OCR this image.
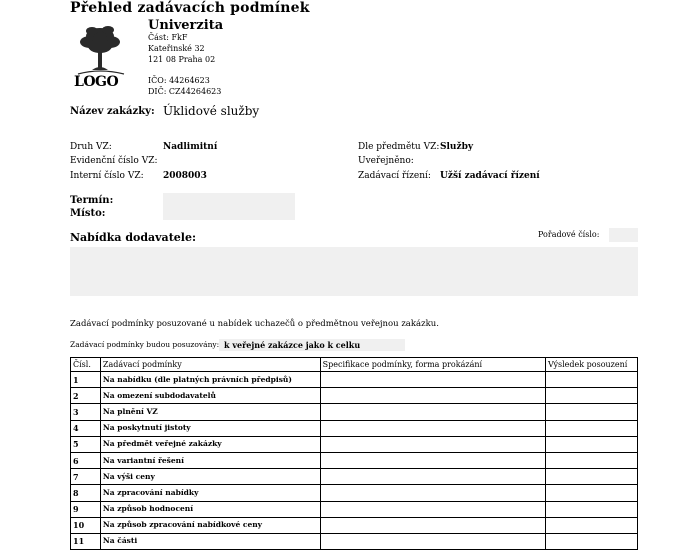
Přehled zadávacích podmínek
LOGO
Univerzita
Část: FkF
Kateřinské 32
121 08 Praha 02
IČO: 44264623
DIČ: CZ44264623
Název zakázky: Úklidové služby
Druh VZ:	Nadlimitní
Evidenční číslo VZ:
Interní číslo VZ: 2008003
Dle předmětu VZ: Služby
Uveřejněno:
Zadávací řízení: Užší zadávací řízení
Termín:
Místo:
Nabídka dodavatele:	Pořadové číslo:
Zadávací podmínky posuzované u nabídek uchazečů o předmětnou veřejnou zakázku.
Zadávací podmínky budou posuzovány: k veřejné zakázce jako k celku
Čísl.	Zadávací podmínky	Specifikace podmínky, forma prokázání	Výsledek posouzení
1	Na nabídku (dle platných právních předpisů)		
2	Na omezení subdodavatelů		
3	Na plnění VZ		
4	Na poskytnutí jistoty		
5	Na předmět veřejné zakázky		
6	Na variantní řešení		
7	Na výši ceny		
8	Na zpracování nabídky		
9	Na způsob hodnocení		
10	Na způsob zpracování nabídkové ceny		
11	Na části		
